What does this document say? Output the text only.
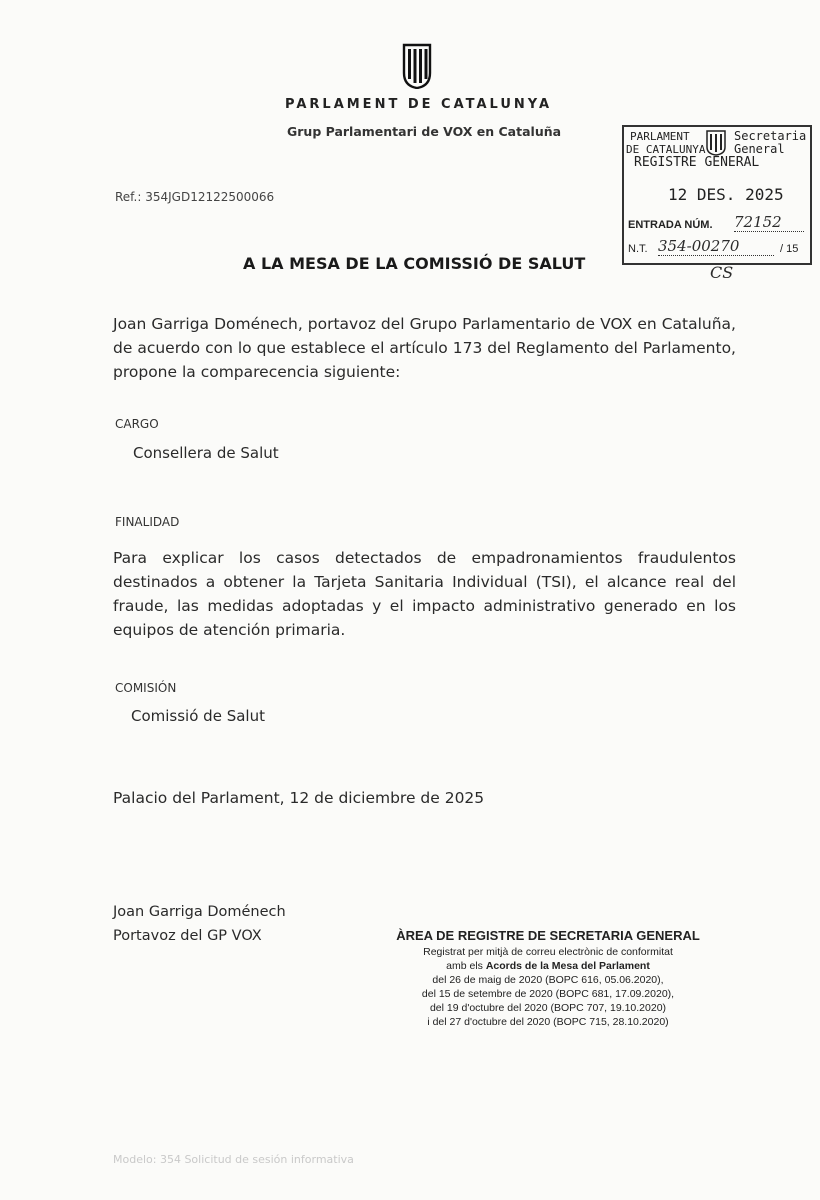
PARLAMENT DE CATALUNYA
Grup Parlamentari de VOX en Cataluña
Ref.: 354JGD12122500066
PARLAMENT
DE CATALUNYA
Secretaria
General
REGISTRE GENERAL
12 DES. 2025
ENTRADA NÚM. 72152
N.T. 354-00270	/ 15
CS
A LA MESA DE LA COMISSIÓ DE SALUT
Joan Garriga Doménech, portavoz del Grupo Parlamentario de VOX en Cataluña, de acuerdo con lo que establece el artículo 173 del Reglamento del Parlamento, propone la comparecencia siguiente:
CARGO
Consellera de Salut
FINALIDAD
Para explicar los casos detectados de empadronamientos fraudulentos destinados a obtener la Tarjeta Sanitaria Individual (TSI), el alcance real del fraude, las medidas adoptadas y el impacto administrativo generado en los equipos de atención primaria.
COMISIÓN
Comissió de Salut
Palacio del Parlament, 12 de diciembre de 2025
Joan Garriga Doménech
Portavoz del GP VOX	ÀREA DE REGISTRE DE SECRETARIA GENERAL
Registrat per mitjà de correu electrònic de conformitat
amb els Acords de la Mesa del Parlament
del 26 de maig de 2020 (BOPC 616, 05.06.2020),
del 15 de setembre de 2020 (BOPC 681, 17.09.2020),
del 19 d'octubre del 2020 (BOPC 707, 19.10.2020)
i del 27 d'octubre del 2020 (BOPC 715, 28.10.2020)
Modelo: 354 Solicitud de sesión informativa
